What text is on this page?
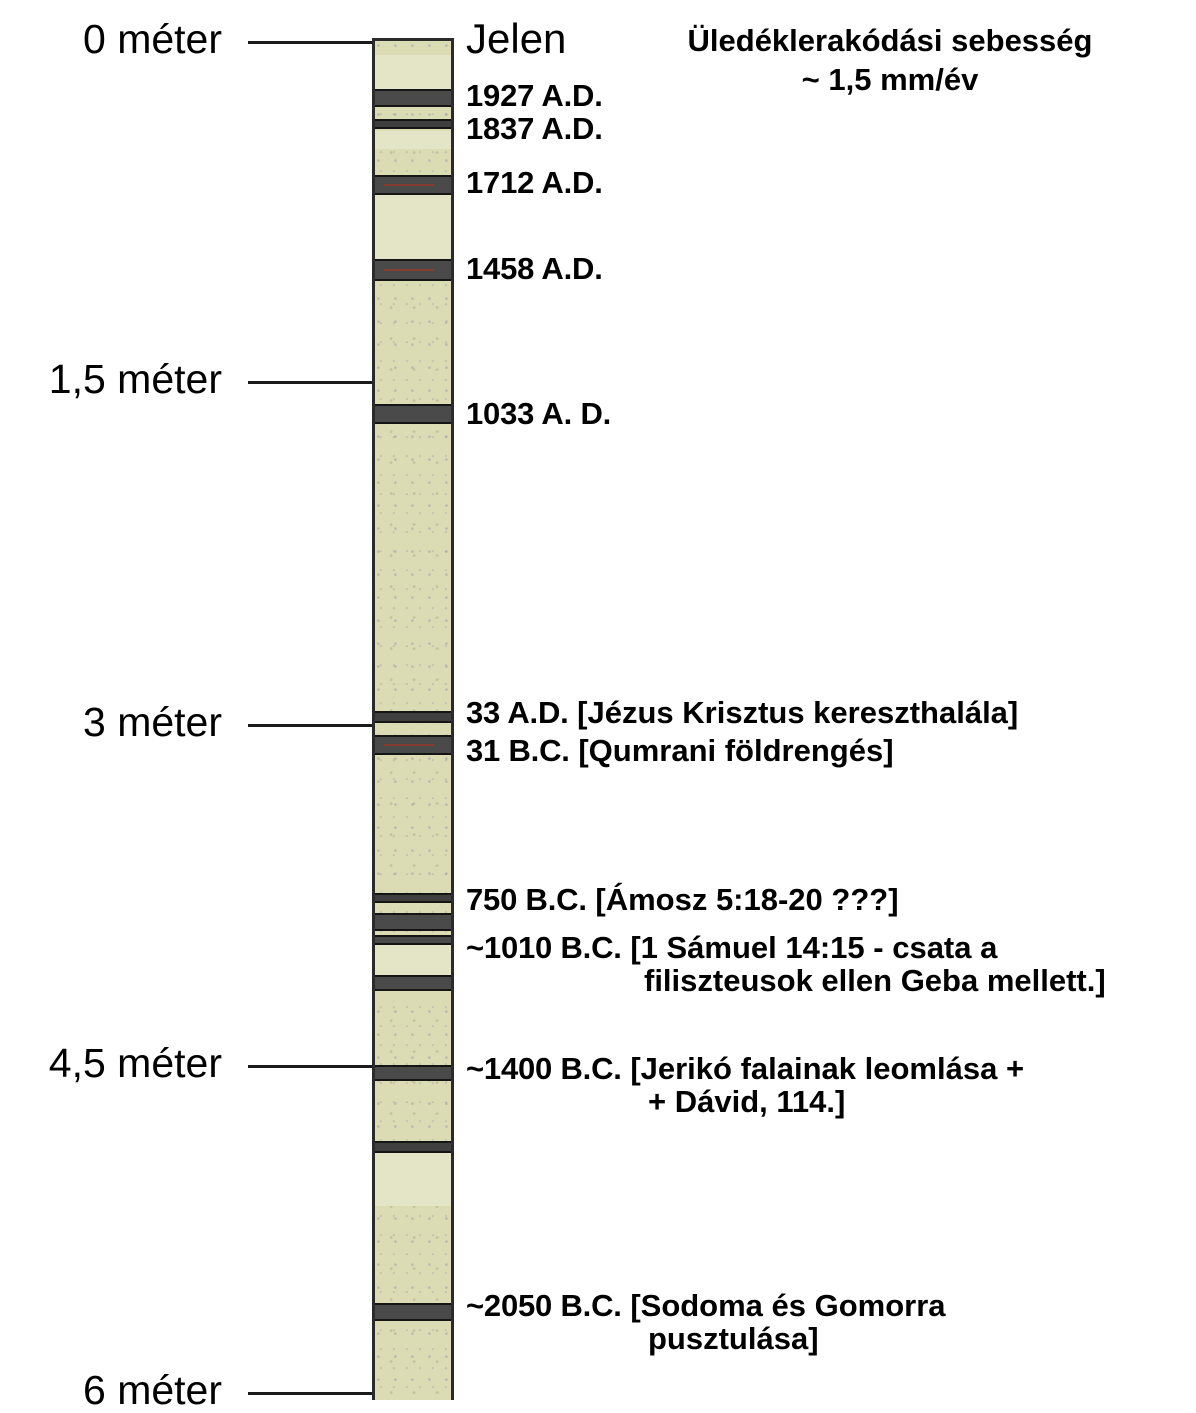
0 méter
1,5 méter
3 méter
4,5 méter
6 méter
Jelen	Üledéklerakódási sebesség
~ 1,5 mm/év
1927 A.D.
1837 A.D.
1712 A.D.
1458 A.D.
1033 A. D.
33 A.D. [Jézus Krisztus kereszthalála]
31 B.C. [Qumrani földrengés]
750 B.C. [Ámosz 5:18-20 ???]
~1010 B.C. [1 Sámuel 14:15 - csata a
filiszteusok ellen Geba mellett.]
~1400 B.C. [Jerikó falainak leomlása +
+ Dávid, 114.]
~2050 B.C. [Sodoma és Gomorra
pusztulása]
